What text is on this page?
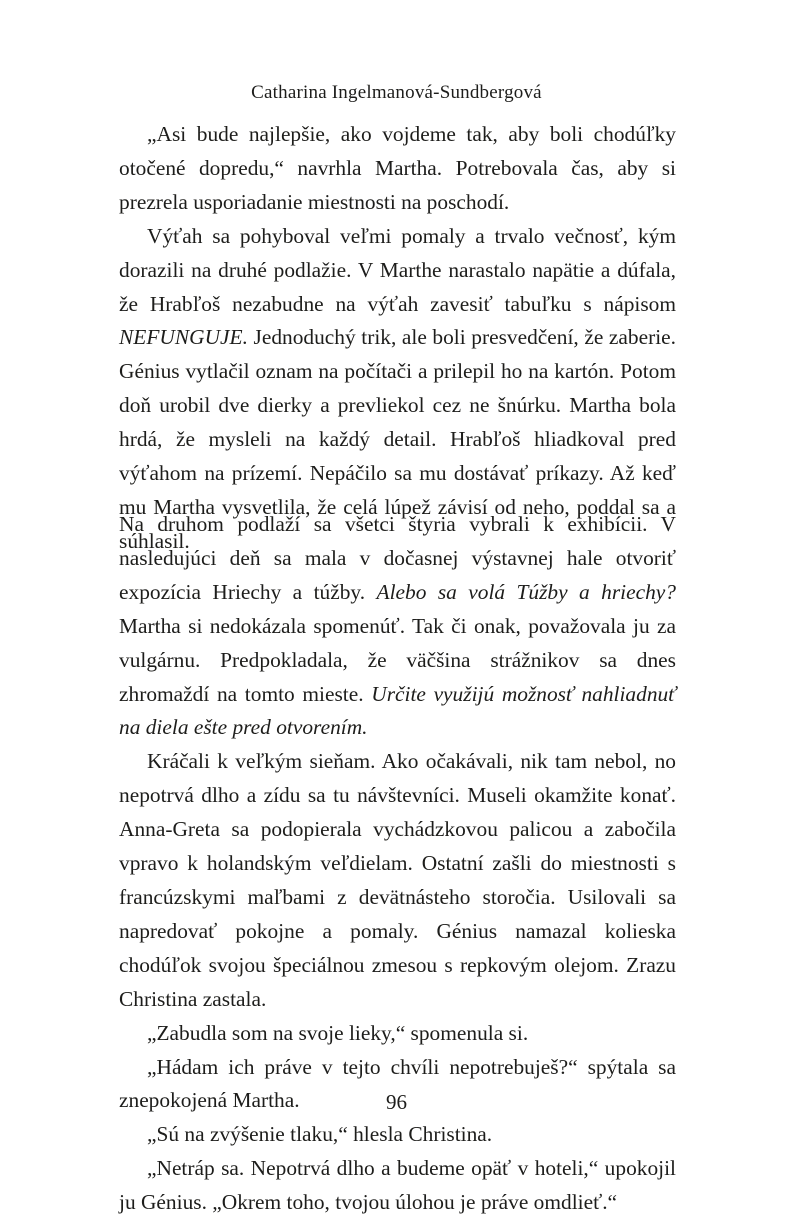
Catharina Ingelmanová-Sundbergová

„Asi bude najlepšie, ako vojdeme tak, aby boli chodúľky otočené dopredu,“ navrhla Martha. Potrebovala čas, aby si prezrela usporiadanie miestnosti na poschodí.

Výťah sa pohyboval veľmi pomaly a trvalo večnosť, kým dorazili na druhé podlažie. V Marthe narastalo napätie a dúfala, že Hrabľoš nezabudne na výťah zavesiť tabuľku s nápisom NEFUNGUJE. Jednoduchý trik, ale boli presvedčení, že zaberie. Génius vytlačil oznam na počítači a prilepil ho na kartón. Potom doň urobil dve dierky a prevliekol cez ne šnúrku. Martha bola hrdá, že mysleli na každý detail. Hrabľoš hliadkoval pred výťahom na prízemí. Nepáčilo sa mu dostávať príkazy. Až keď mu Martha vysvetlila, že celá lúpež závisí od neho, poddal sa a súhlasil.

Na druhom podlaží sa všetci štyria vybrali k exhibícii. V nasledujúci deň sa mala v dočasnej výstavnej hale otvoriť expozícia Hriechy a túžby. Alebo sa volá Túžby a hriechy? Martha si nedokázala spomenúť. Tak či onak, považovala ju za vulgárnu. Predpokladala, že väčšina strážnikov sa dnes zhromaždí na tomto mieste. Určite využijú možnosť nahliadnuť na diela ešte pred otvorením.

Kráčali k veľkým sieňam. Ako očakávali, nik tam nebol, no nepotrvá dlho a zídu sa tu návštevníci. Museli okamžite konať. Anna-Greta sa podopierala vychádzkovou palicou a zabočila vpravo k holandským veľdielam. Ostatní zašli do miestnosti s francúzskymi maľbami z devätnásteho storočia. Usilovali sa napredovať pokojne a pomaly. Génius namazal kolieska chodúľok svojou špeciálnou zmesou s repkovým olejom. Zrazu Christina zastala.

„Zabudla som na svoje lieky,“ spomenula si.

„Hádam ich práve v tejto chvíli nepotrebuješ?“ spýtala sa znepokojená Martha.

„Sú na zvýšenie tlaku,“ hlesla Christina.

„Netráp sa. Nepotrvá dlho a budeme opäť v hoteli,“ upokojil ju Génius. „Okrem toho, tvojou úlohou je práve omdlieť.“

96
